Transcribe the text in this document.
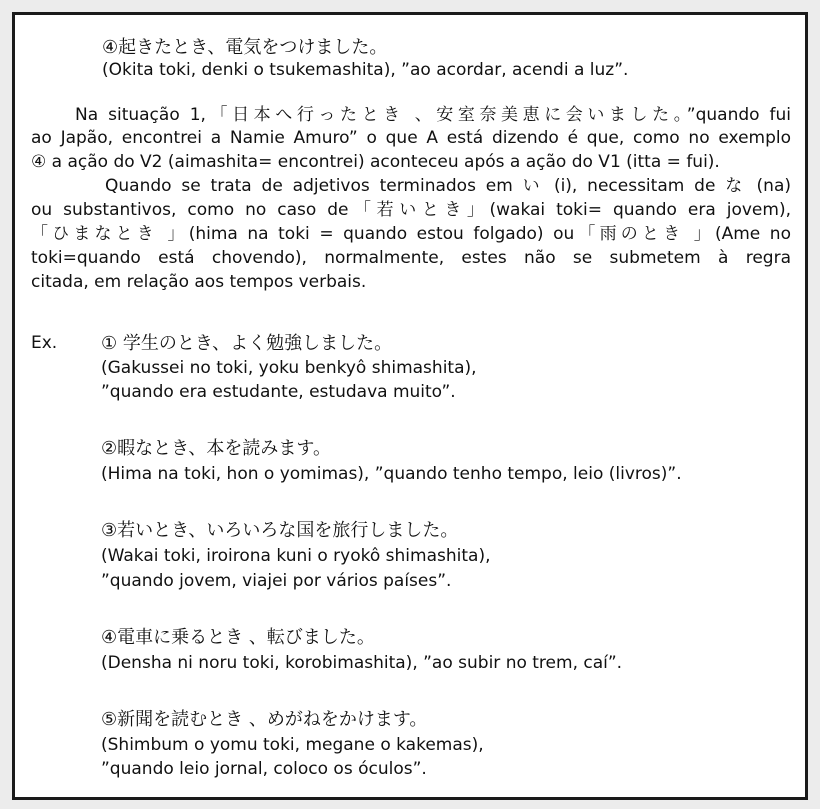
④起きたとき、電気をつけました。
(Okita toki, denki o tsukemashita), ”ao acordar, acendi a luz”.
Na situação 1,「日本へ行ったとき 、安室奈美恵に会いました。”quando fui
ao Japão, encontrei a Namie Amuro” o que A está dizendo é que, como no exemplo
④ a ação do V2 (aimashita= encontrei) aconteceu após a ação do V1 (itta = fui).
Quando se trata de adjetivos terminados em い (i), necessitam de な (na)
ou substantivos, como no caso de「若いとき」(wakai toki= quando era jovem),
「ひまなとき 」(hima na toki = quando estou folgado) ou「雨のとき 」(Ame no
toki=quando está chovendo), normalmente, estes não se submetem à regra
citada, em relação aos tempos verbais.
Ex. ① 学生のとき、よく勉強しました。
(Gakussei no toki, yoku benkyô shimashita),
”quando era estudante, estudava muito”.
②暇なとき、本を読みます。
(Hima na toki, hon o yomimas), ”quando tenho tempo, leio (livros)”.
③若いとき、いろいろな国を旅行しました。
(Wakai toki, iroirona kuni o ryokô shimashita),
”quando jovem, viajei por vários países”.
④電車に乗るとき 、転びました。
(Densha ni noru toki, korobimashita), ”ao subir no trem, caí”.
⑤新聞を読むとき 、めがねをかけます。
(Shimbum o yomu toki, megane o kakemas),
”quando leio jornal, coloco os óculos”.
